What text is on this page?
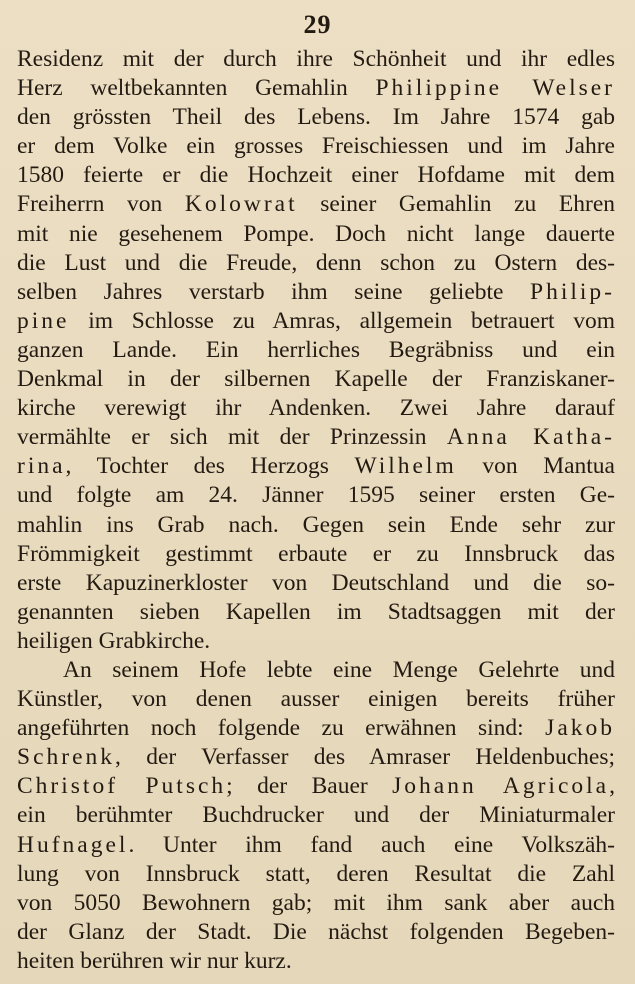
29
Residenz mit der durch ihre Schönheit und ihr edles
Herz weltbekannten Gemahlin Philippine Welser
den grössten Theil des Lebens. Im Jahre 1574 gab
er dem Volke ein grosses Freischiessen und im Jahre
1580 feierte er die Hochzeit einer Hofdame mit dem
Freiherrn von Kolowrat seiner Gemahlin zu Ehren
mit nie gesehenem Pompe. Doch nicht lange dauerte
die Lust und die Freude, denn schon zu Ostern des-
selben Jahres verstarb ihm seine geliebte Philip-
pine im Schlosse zu Amras, allgemein betrauert vom
ganzen Lande. Ein herrliches Begräbniss und ein
Denkmal in der silbernen Kapelle der Franziskaner-
kirche verewigt ihr Andenken. Zwei Jahre darauf
vermählte er sich mit der Prinzessin Anna Katha-
rina, Tochter des Herzogs Wilhelm von Mantua
und folgte am 24. Jänner 1595 seiner ersten Ge-
mahlin ins Grab nach. Gegen sein Ende sehr zur
Frömmigkeit gestimmt erbaute er zu Innsbruck das
erste Kapuzinerkloster von Deutschland und die so-
genannten sieben Kapellen im Stadtsaggen mit der
heiligen Grabkirche.
An seinem Hofe lebte eine Menge Gelehrte und
Künstler, von denen ausser einigen bereits früher
angeführten noch folgende zu erwähnen sind: Jakob
Schrenk, der Verfasser des Amraser Heldenbuches;
Christof Putsch; der Bauer Johann Agricola,
ein berühmter Buchdrucker und der Miniaturmaler
Hufnagel. Unter ihm fand auch eine Volkszäh-
lung von Innsbruck statt, deren Resultat die Zahl
von 5050 Bewohnern gab; mit ihm sank aber auch
der Glanz der Stadt. Die nächst folgenden Begeben-
heiten berühren wir nur kurz.
